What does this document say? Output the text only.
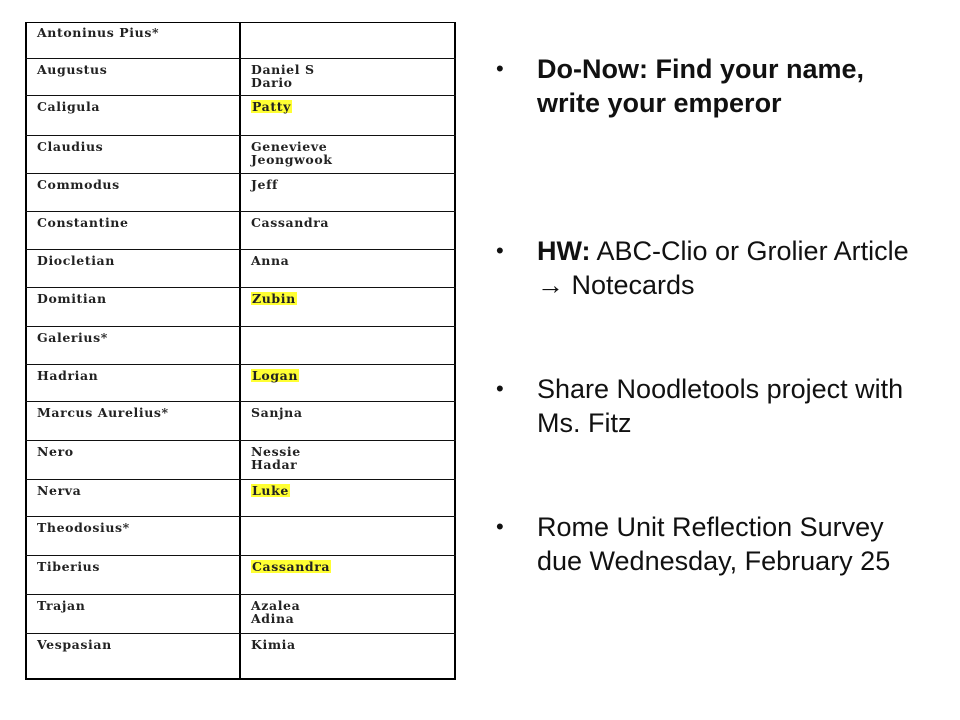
Antoninus Pius*
Augustus	Daniel S
Dario
Caligula	Patty
Claudius	Genevieve
Jeongwook
Commodus	Jeff
Constantine	Cassandra
Diocletian	Anna
Domitian	Zubin
Galerius*
Hadrian	Logan
Marcus Aurelius*	Sanjna
Nero	Nessie
Hadar
Nerva	Luke
Theodosius*
Tiberius	Cassandra
Trajan	Azalea
Adina
Vespasian	Kimia
• Do-Now: Find your name, write your emperor
• HW: ABC-Clio or Grolier Article → Notecards
• Share Noodletools project with Ms. Fitz
• Rome Unit Reflection Survey due Wednesday, February 25
